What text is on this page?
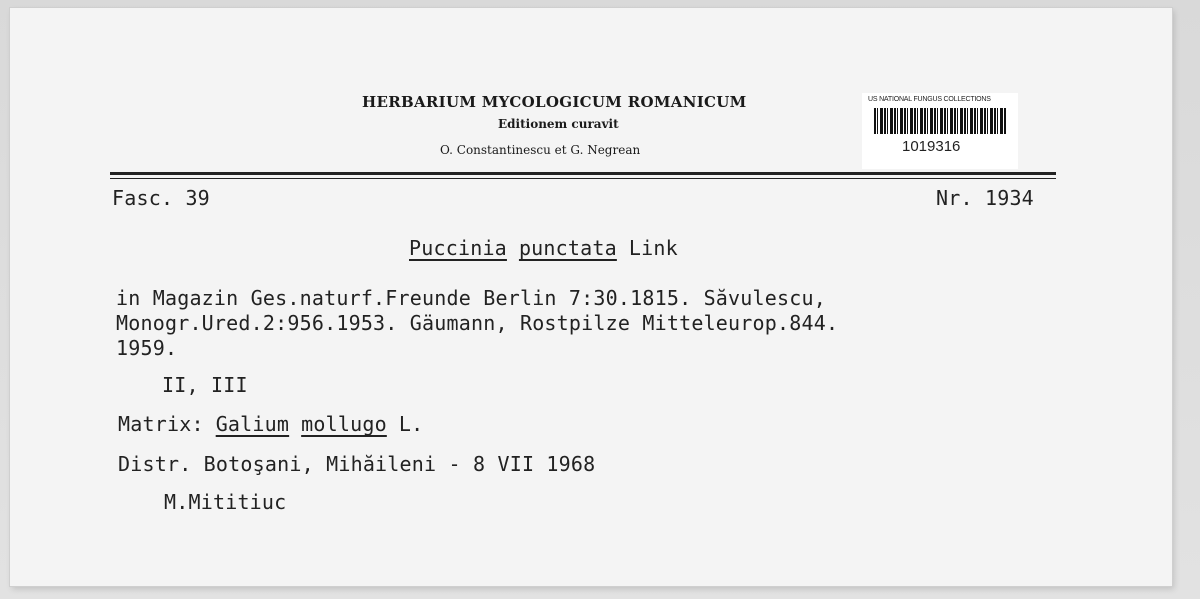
HERBARIUM MYCOLOGICUM ROMANICUM
Editionem curavit
O. Constantinescu et G. Negrean
US NATIONAL FUNGUS COLLECTIONS
1019316
Fasc. 39	Nr. 1934
Puccinia punctata Link
in Magazin Ges.naturf.Freunde Berlin 7:30.1815. Săvulescu,
Monogr.Ured.2:956.1953. Gäumann, Rostpilze Mitteleurop.844.
1959.
II, III
Matrix: Galium mollugo L.
Distr. Botoşani, Mihăileni - 8 VII 1968
M.Mititiuc
